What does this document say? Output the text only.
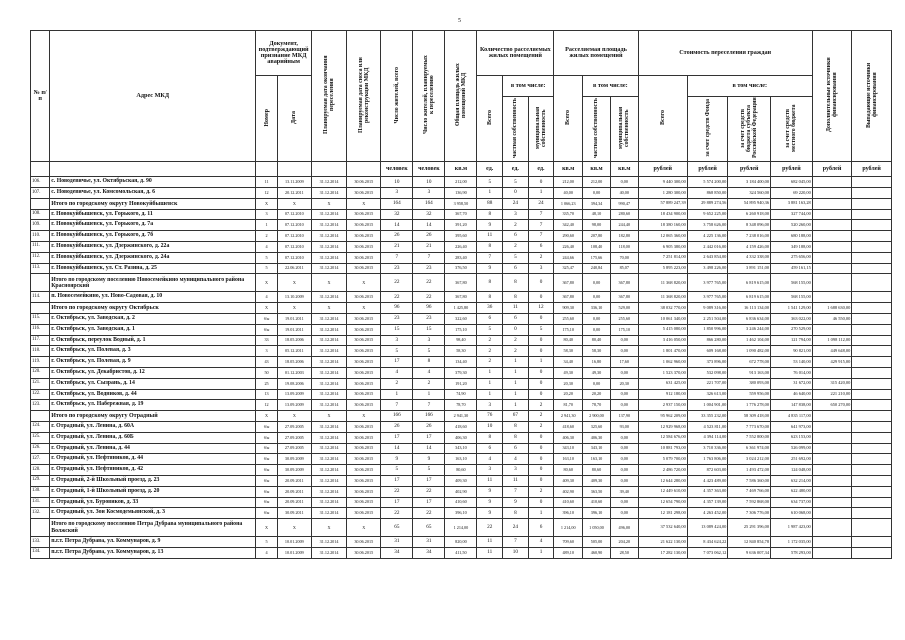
5
№ п/п	Адрес МКД	Документ, подтверждающий признание МКД аварийным		Планируемая дата окончания переселения	Планируемая дата сноса или реконструкции МКД	Число жителей, всего	Число жителей, планируемых к переселению	Общая площадь жилых помещений МКД	Количество расселяемых жилых помещений			Расселяемая площадь жилых помещений			Стоимость переселения граждан				Дополнительные источники финансирования	Выпадающие источники финансирования
		Номер	Дата						Всего	в том числе:		Всего	в том числе:		Всего	в том числе:				
										частная собственность	муниципальная собственность		частная собственность	муниципальная собственность		за счет средств Фонда	за счет средств бюджета субъекта Российской Федерации	за счет средств местного бюджета		
						человек	человек	кв.м	ед.	ед.	ед.	кв.м	кв.м	кв.м	рублей	рублей	рублей	рублей	рублей	рублей
106.	с. Новодевичье, ул. Октябрьская, д. 90	11	13.11.2009	31.12.2014	30.06.2015	10	10	212,00	5	5	0	212,00	212,00	0,00	9 440 300,00	5 574 200,00	3 184 400,00	682 045,00		
107.	с. Новодевичье, ул. Комсомольская, д. 6	12	20.12.2011	31.12.2014	30.06.2015	3	3	136,90	1	0	1	40,00	0,00	40,00	1 280 300,00	868 850,00	324 560,00	69 220,00		
	Итого по городскому округу Новокуйбышевск	X	X	X	X	164	164	3 958,50	88	24	24	1 066,23	394,34	990,47	57 889 247,39	29 889 274,56	54 895 940,36	3 881 163,28		
108.	г. Новокуйбышевск, ул. Горького, д. 11	3	07.12.2010	31.12.2014	30.06.2015	32	32	367,70	8	3	7	335,70	48,10	280,60	18 434 900,00	9 652 225,00	6 260 918,00	327 744,00		
109.	г. Новокуйбышевск, ул. Горького, д. 7а	1	07.12.2010	31.12.2014	30.06.2015	14	14	391,20	9	2	7	342,40	98,00	244,40	18 380 160,00	3 758 626,00	8 348 096,00	520 260,00		
110.	г. Новокуйбышевск, ул. Горького, д. 7б	2	07.12.2010	31.12.2014	30.06.2015	26	26	395,60	11	6	7	290,60	207,80	182,80	12 065 360,00	4 225 136,00	7 238 016,00	680 188,00		
111.	г. Новокуйбышевск, ул. Дзержинского, д. 22а	4	07.12.2010	31.12.2014	30.06.2015	21	21	226,40	8	2	6	226,40	108,40	118,00	6 905 380,00	2 442 016,00	4 159 426,00	349 188,00		
112.	г. Новокуйбышевск, ул. Дзержинского, д. 24а	5	07.12.2010	31.12.2014	30.06.2015	7	7	283,40	7	5	2	244,66	175,66	70,00	7 251 814,00	2 643 854,00	4 332 338,00	275 656,00		
113.	г. Новокуйбышевск, ул. Ст. Разина, д. 25	5	22.06.2011	31.12.2014	30.06.2015	23	23	376,50	9	6	3	325,47	240,84	85,07	5 895 223,00	3 498 226,00	3 891 151,00	459 161,15		
	Итого по городскому поселению Новосемейкино муниципального района Красноярский	X	X	X	X	22	22	367,80	8	8	0	367,80	0,00	367,80	11 368 820,00	3 977 765,00	6 819 615,00	568 155,00		
114.	п. Новосемейкино, ул. Ново-Садовая, д. 10	4	13.10.2009	31.12.2014	30.06.2015	22	22	367,80	8	8	0	367,80	0,00	367,80	11 368 820,00	3 977 765,00	6 819 615,00	568 155,00		
	Итого по городскому округу Октябрьск	X	X	X	X	96	96	1 425,80	36	11	12	909,30	336,10	529,00	38 032 770,00	9 089 316,00	16 113 134,00	1 541 129,00	1 688 630,00	
115.	г. Октябрьск, ул. Заводская, д. 2	б/н	19.01.2011	31.12.2014	30.06.2015	23	23	322,60	6	6	0	255,60	0,00	255,60	10 061 340,00	2 251 504,00	6 836 634,00	363 022,00	46 550,00	
116.	г. Октябрьск, ул. Заводская, д. 1	б/н	19.01.2011	31.12.2014	30.06.2015	15	15	175,10	5	0	5	175,10	0,00	175,10	5 415 080,00	1 850 996,00	3 246 244,00	270 529,00		
117.	г. Октябрьск, переулок Водный, д. 1	33	18.05.2006	31.12.2014	30.06.2015	3	3	98,40	2	2	0	80,40	80,40	0,00	3 416 050,00	866 280,00	1 462 104,00	121 794,00	1 098 112,00	
118.	г. Октябрьск, ул. Полевая, д. 3	3	05.12.2011	31.12.2014	30.06.2015	5	5	58,30	2	2	0	58,30	58,30	0,00	1 801 470,00	609 168,00	1 090 482,00	90 821,00	449 648,00	
119.	г. Октябрьск, ул. Полевая, д. 9	43	18.05.2006	31.12.2014	30.06.2015	17	8	134,40	2	1	1	34,40	16,80	17,60	1 062 960,00	373 896,00	672 778,00	53 140,00	429 915,00	
120.	г. Октябрьск, ул. Декабристов, д. 12	50	01.12.2003	31.12.2014	30.06.2015	4	4	379,30	1	1	0	49,30	49,30	0,00	1 523 370,00	532 098,00	913 163,00	76 014,00		
121.	г. Октябрьск, ул. Сызрань, д. 14	25	19.08.2006	31.12.2014	30.06.2015	2	2	191,20	1	1	0	20,30	0,00	20,30	631 425,00	221 707,00	380 093,00	31 672,00	315 420,00	
122.	г. Октябрьск, ул. Водников, д. 44	13	13.09.2009	31.12.2014	30.06.2015	1	1	74,90	1	1	0	20,20	20,20	0,00	912 180,00	326 613,00	559 956,00	46 640,00	221 210,00	
123.	г. Октябрьск, ул. Набережная, д. 19	12	13.09.2009	31.12.2014	30.06.2015	7	7	78,70	3	1	2	81,70	78,70	0,00	2 937 150,00	1 004 901,00	1 776 278,00	147 838,00	650 270,00	
	Итого по городскому округу Отрадный	X	X	X	X	166	166	2 941,30	76	67	2	2 941,30	2 900,00	137,90	95 962 209,00	33 355 232,00	58 309 418,00	4 835 117,00		
124.	г. Отрадный, ул. Ленина, д. 60А	б/н	27.09.2005	31.12.2014	30.06.2015	26	26	418,60	10	8	2	418,60	325,60	93,00	12 929 968,00	4 523 811,00	7 773 670,00	641 973,00		
125.	г. Отрадный, ул. Ленина, д. 60Б	б/н	27.09.2005	31.12.2014	30.06.2015	17	17	406,30	8	8	0	406,30	406,30	0,00	12 584 676,00	4 394 114,00	7 552 800,00	623 153,00		
126.	г. Отрадный, ул. Ленина, д. 44	б/н	27.09.2005	31.12.2014	30.06.2015	14	14	343,10	6	6	0	343,10	343,10	0,00	10 881 793,00	3 710 336,00	6 361 974,00	526 099,00		
127.	г. Отрадный, ул. Нефтяников, д. 44	б/н	30.09.2009	31.12.2014	30.06.2015	9	9	163,10	4	4	0	163,10	163,10	0,00	5 079 700,00	1 763 806,00	3 024 212,00	251 692,00		
128.	г. Отрадный, ул. Нефтяников, д. 42	б/н	30.09.2009	31.12.2014	30.06.2015	5	5	80,60	3	3	0	80,60	80,60	0,00	2 486 720,00	872 603,00	1 493 472,00	124 048,00		
129.	г. Отрадный, 2-й Школьный проезд, д. 23	б/н	20.09.2011	31.12.2014	30.06.2015	17	17	409,30	11	11	0	409,30	409,30	0,00	12 644 280,00	4 423 489,00	7 586 360,00	632 214,00		
130.	г. Отрадный, 1-й Школьный проезд, д. 20	б/н	20.09.2011	31.12.2014	30.06.2015	22	22	402,90	9	7	2	402,90	363,50	39,40	12 449 610,00	4 357 363,00	7 469 766,00	622 480,00		
131.	г. Отрадный, ул. Буровиков, д. 33	б/н	20.09.2011	31.12.2014	30.06.2015	17	17	410,60	9	9	0	410,60	410,60	0,00	12 654 790,00	4 357 139,00	7 592 868,00	634 737,00		
132.	г. Отрадный, ул. Зои Космодемьянской, д. 3	б/н	30.09.2011	31.12.2014	30.06.2015	22	22	396,10	9	8	1	396,10	396,10	0,00	12 181 298,00	4 263 452,00	7 306 776,00	610 068,00		
	Итого по городскому поселению Петра Дубрава муниципального района Волжский	X	X	X	X	65	65	1 214,00	22	24	6	1 214,00	1 050,00	496,00	37 532 640,00	13 089 424,00	25 291 396,00	1 987 423,00		
133.	п.г.т. Петра Дубрава, ул. Коммунаров, д. 9	5	10.01.2009	31.12.2014	30.06.2015	31	31	820,00	11	7	4	709,60	505,00	204,20	21 622 130,00	8 434 624,22	12 840 854,78	1 172 035,00		
134.	п.г.т. Петра Дубрава, ул. Коммунаров, д. 13	4	10.01.2009	31.12.2014	30.06.2015	34	34	411,50	11	10	1	489,10	460,90	28,50	17 282 130,00	7 073 062,12	9 636 007,34	578 293,00		
